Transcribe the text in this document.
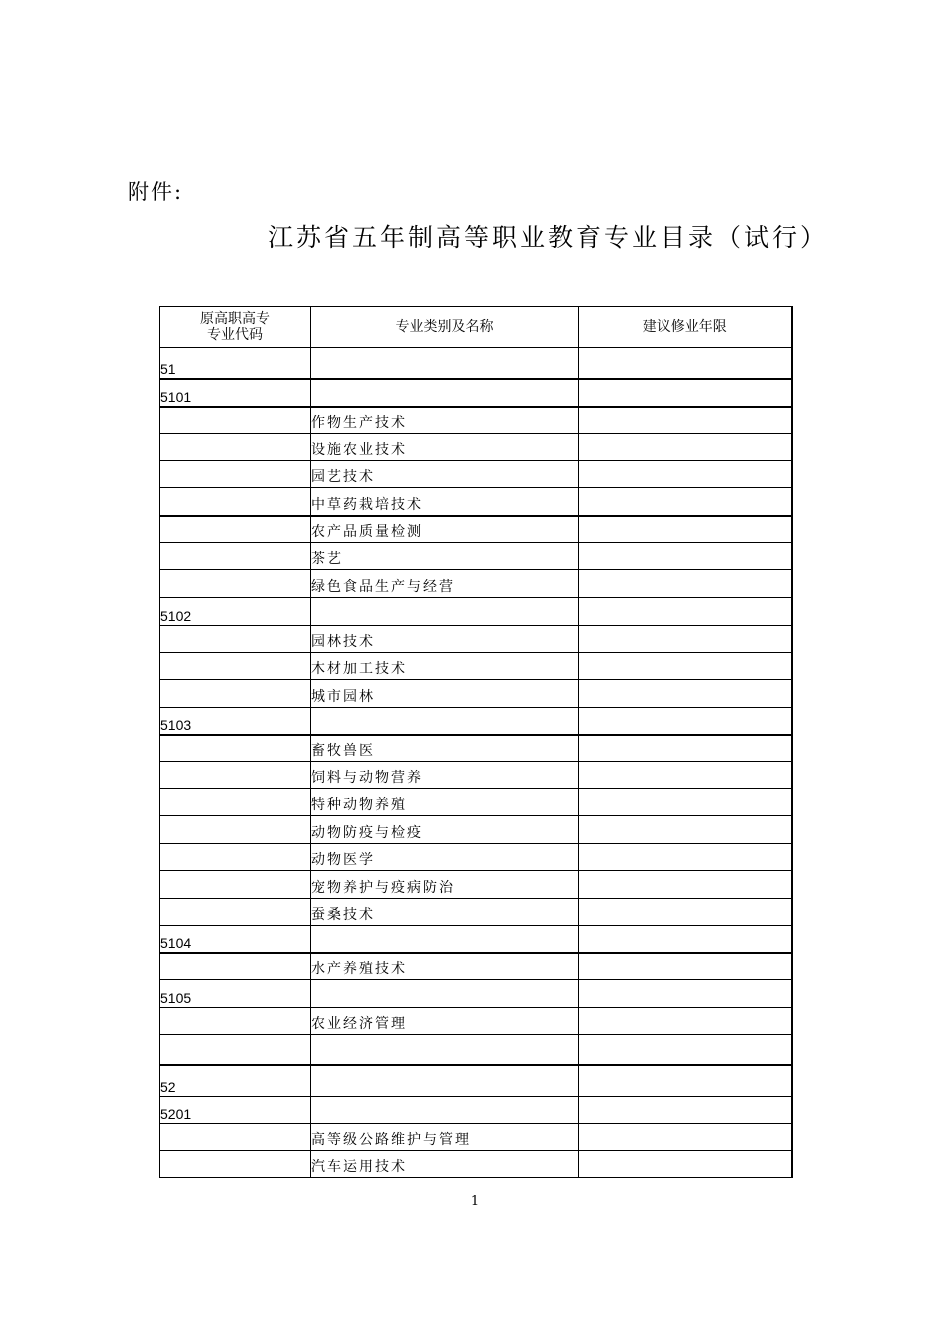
附件:
江苏省五年制高等职业教育专业目录（试行）
原高职高专
专业代码	专业类别及名称	建议修业年限
51		
5101		
	作物生产技术	
	设施农业技术	
	园艺技术	
	中草药栽培技术	
	农产品质量检测	
	茶艺	
	绿色食品生产与经营	
5102		
	园林技术	
	木材加工技术	
	城市园林	
5103		
	畜牧兽医	
	饲料与动物营养	
	特种动物养殖	
	动物防疫与检疫	
	动物医学	
	宠物养护与疫病防治	
	蚕桑技术	
5104		
	水产养殖技术	
5105		
	农业经济管理	

52		
5201		
	高等级公路维护与管理	
	汽车运用技术	
1
